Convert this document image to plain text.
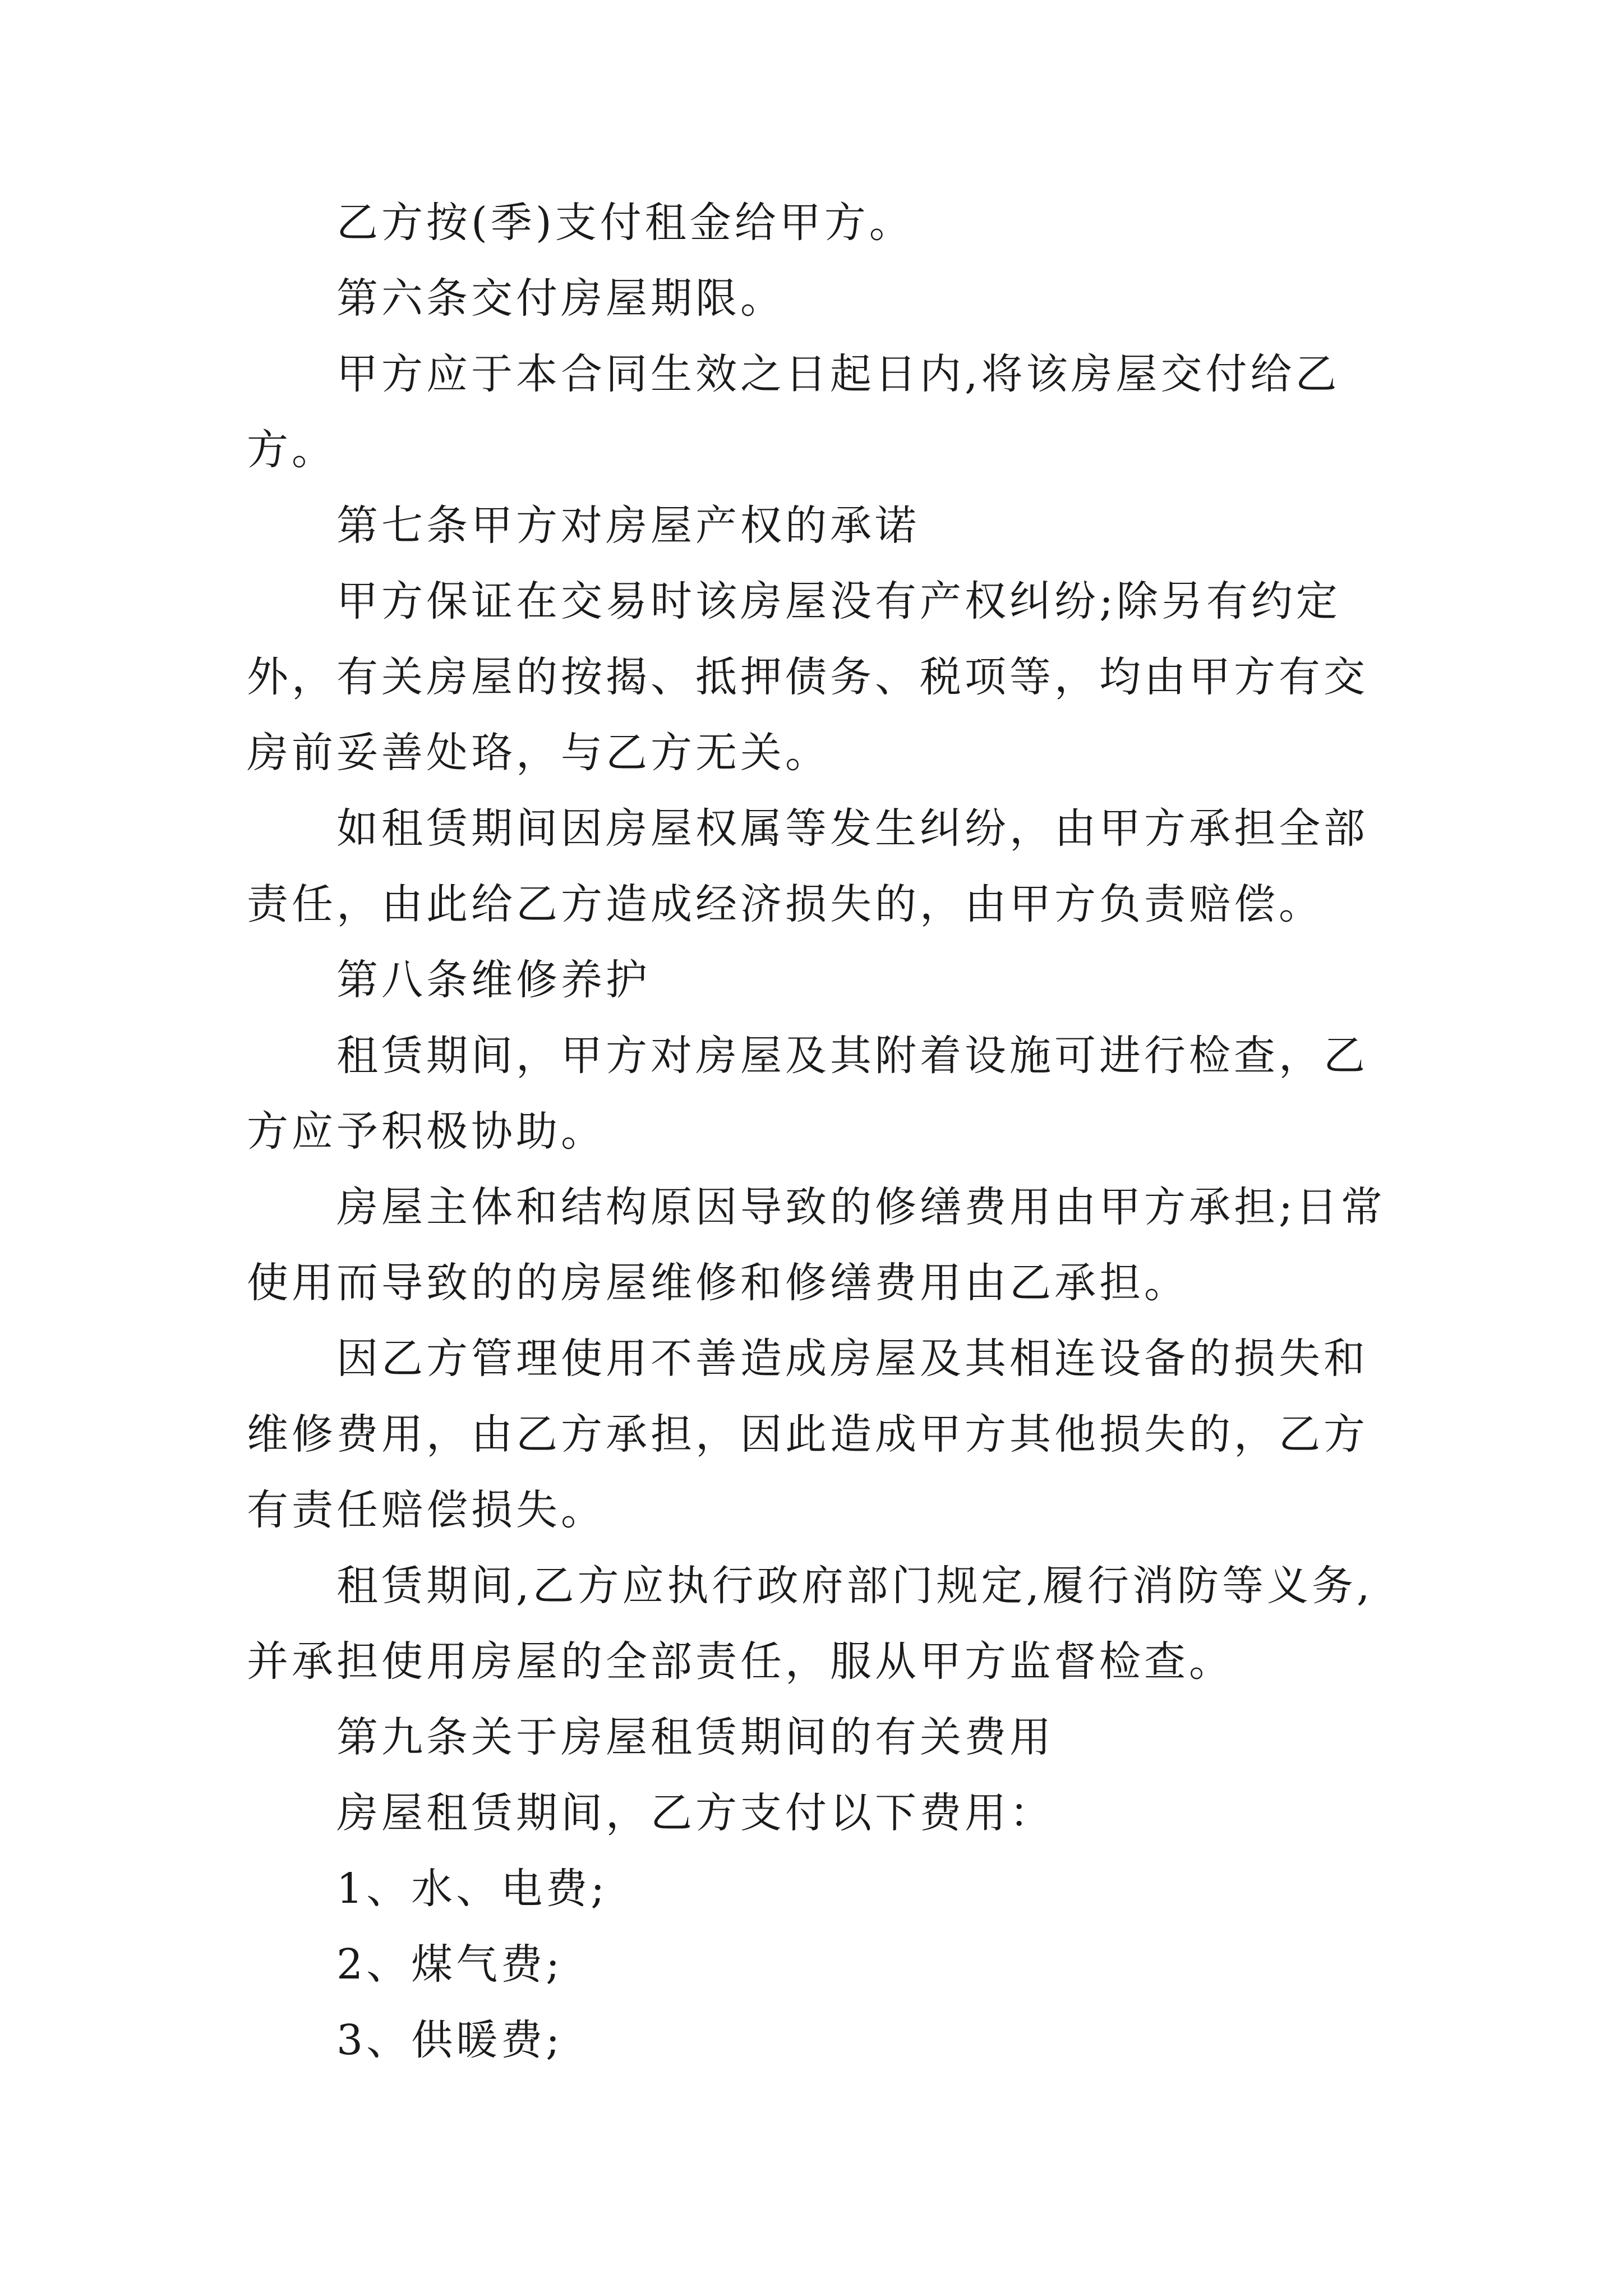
乙方按(季)支付租金给甲方。

第六条交付房屋期限。

甲方应于本合同生效之日起日内,将该房屋交付给乙方。

第七条甲方对房屋产权的承诺

甲方保证在交易时该房屋没有产权纠纷;除另有约定外，有关房屋的按揭、抵押债务、税项等，均由甲方有交房前妥善处珞，与乙方无关。

如租赁期间因房屋权属等发生纠纷，由甲方承担全部责任，由此给乙方造成经济损失的，由甲方负责赔偿。

第八条维修养护

租赁期间，甲方对房屋及其附着设施可进行检查，乙方应予积极协助。

房屋主体和结构原因导致的修缮费用由甲方承担;日常使用而导致的的房屋维修和修缮费用由乙承担。

因乙方管理使用不善造成房屋及其相连设备的损失和维修费用，由乙方承担，因此造成甲方其他损失的，乙方有责任赔偿损失。

租赁期间,乙方应执行政府部门规定,履行消防等义务,并承担使用房屋的全部责任，服从甲方监督检查。

第九条关于房屋租赁期间的有关费用

房屋租赁期间，乙方支付以下费用：

1、水、电费;

2、煤气费;

3、供暖费;
